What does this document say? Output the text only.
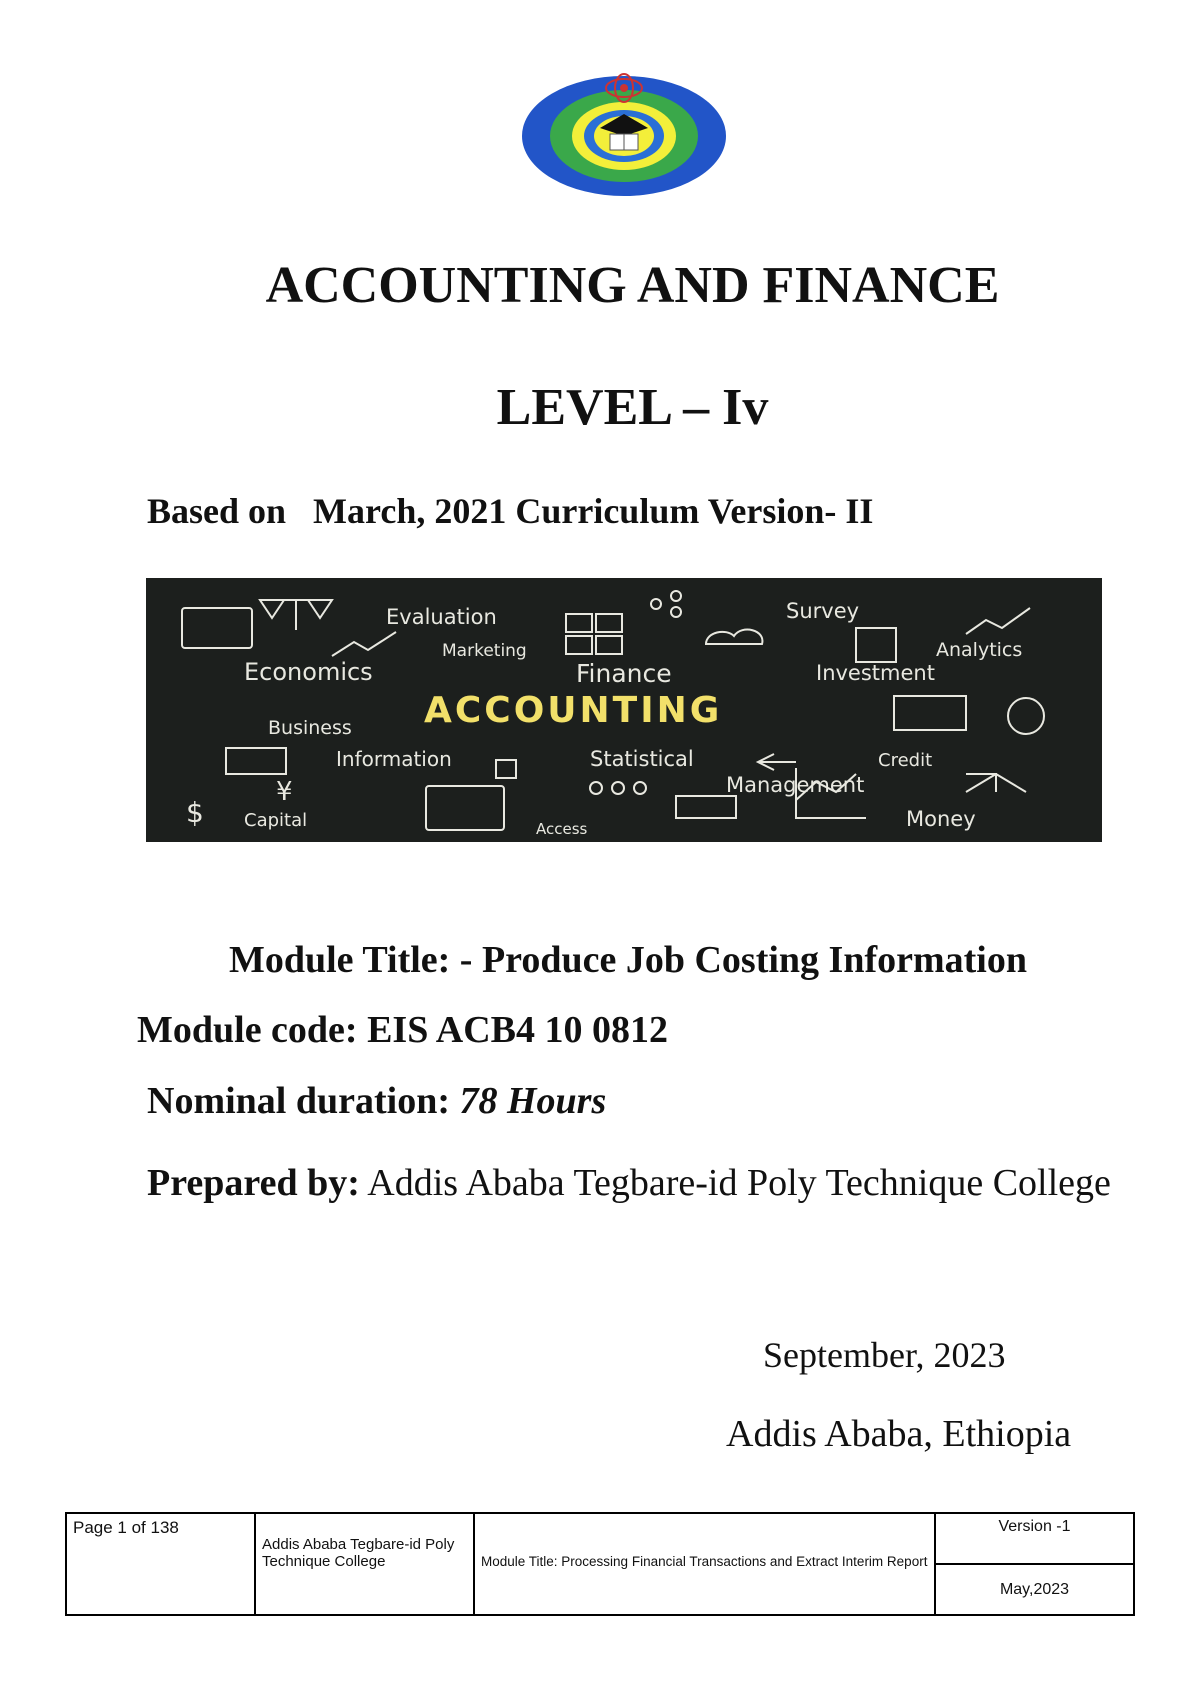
ACCOUNTING AND FINANCE
LEVEL – Iv
Based on   March, 2021 Curriculum Version- II
Evaluation	Survey
Marketing	Analytics
Economics	Finance	Investment
Business
Information	Statistical	Credit
Management
Capital	Access	Money
$
¥
ACCOUNTING
Module Title: - Produce Job Costing Information
Module code: EIS ACB4 10 0812
Nominal duration: 78 Hours
Prepared by: Addis Ababa Tegbare-id Poly Technique College
September, 2023
Addis Ababa, Ethiopia
Page 1 of 138	Addis Ababa Tegbare-id Poly Technique College	Module Title: Processing Financial Transactions and Extract Interim Report	Version -1
May,2023
